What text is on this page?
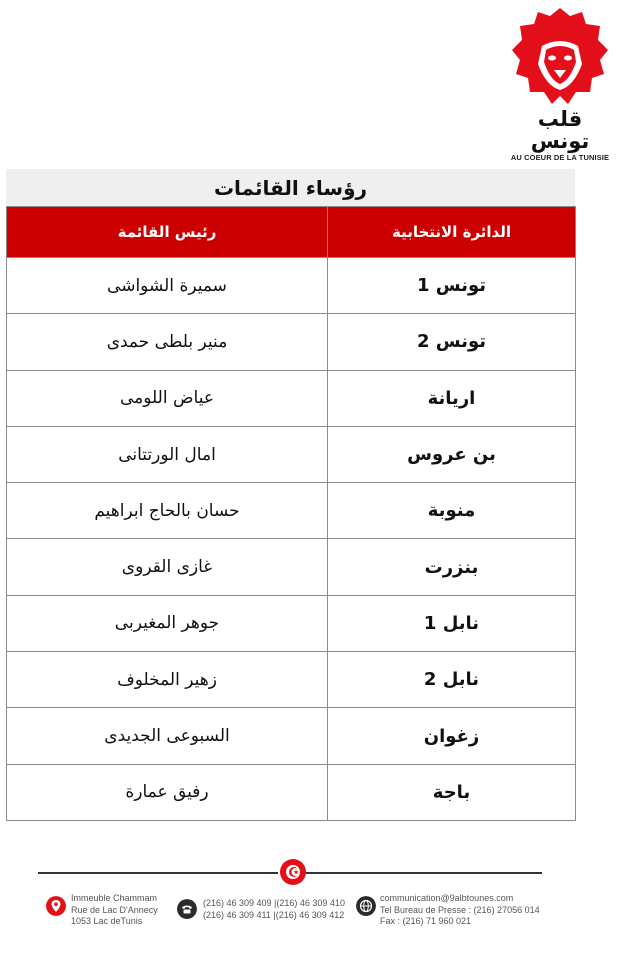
قلب تونس
AU COEUR DE LA TUNISIE
رؤساء القائمات
الدائرة الانتخابية	رئيس القائمة
تونس 1	سميرة الشواشى
تونس 2	منير بلطى حمدى
اريانة	عياض اللومى
بن عروس	امال الورتتانى
منوبة	حسان بالحاج ابراهيم
بنزرت	غازى القروى
نابل 1	جوهر المغيربى
نابل 2	زهير المخلوف
زغوان	السبوعى الجديدى
باجة	رفيق عمارة
Immeuble Chammam
Rue de Lac D'Annecy
1053 Lac deTunis
(216) 46 309 409 |(216) 46 309 410
(216) 46 309 411 |(216) 46 309 412
communication@9albtounes.com
Tel Bureau de Presse : (216) 27056 014
Fax : (216) 71 960 021
